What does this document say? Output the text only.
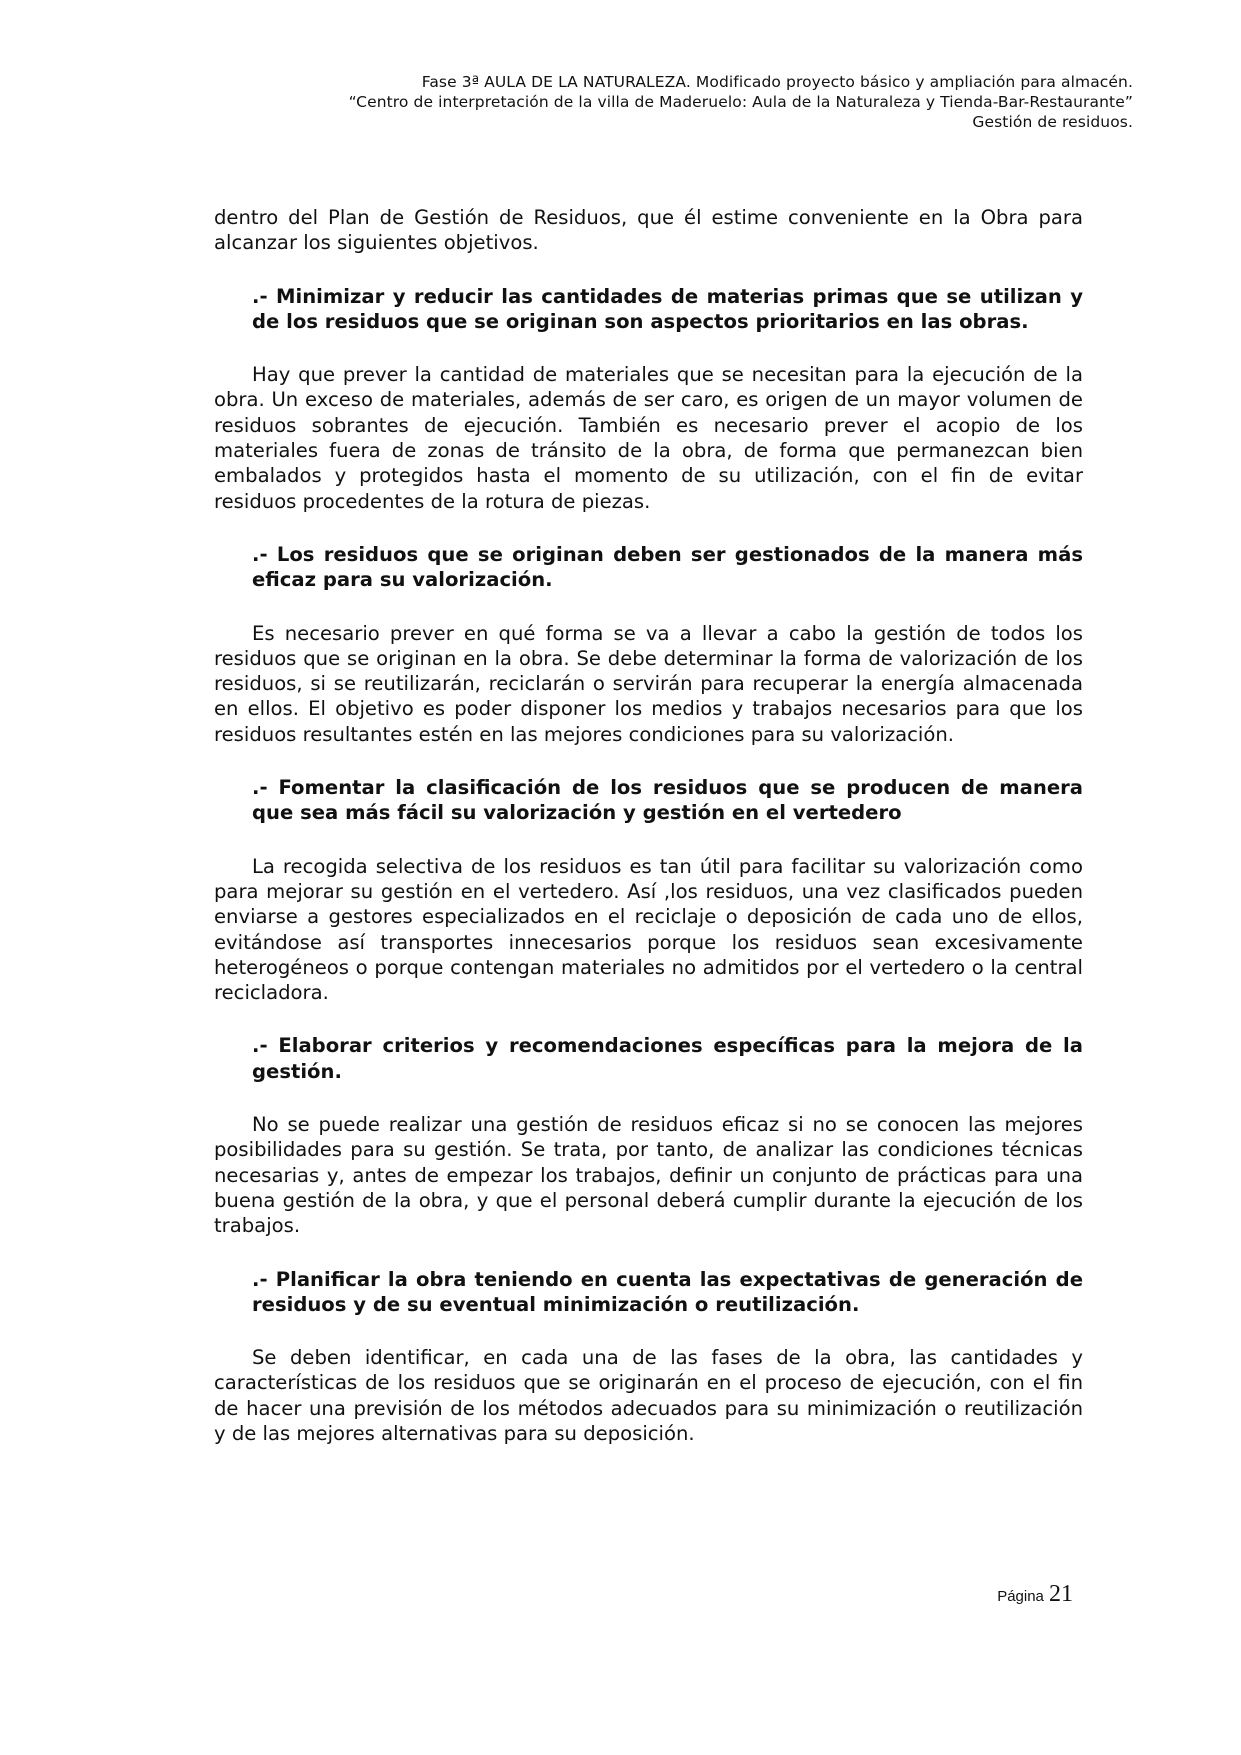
Fase 3ª AULA DE LA NATURALEZA. Modificado proyecto básico y ampliación para almacén.
“Centro de interpretación de la villa de Maderuelo: Aula de la Naturaleza y Tienda-Bar-Restaurante”
Gestión de residuos.

dentro del Plan de Gestión de Residuos, que él estime conveniente en la Obra para alcanzar los siguientes objetivos.

.- Minimizar y reducir las cantidades de materias primas que se utilizan y de los residuos que se originan son aspectos prioritarios en las obras.

Hay que prever la cantidad de materiales que se necesitan para la ejecución de la obra. Un exceso de materiales, además de ser caro, es origen de un mayor volumen de residuos sobrantes de ejecución. También es necesario prever el acopio de los materiales fuera de zonas de tránsito de la obra, de forma que permanezcan bien embalados y protegidos hasta el momento de su utilización, con el fin de evitar residuos procedentes de la rotura de piezas.

.- Los residuos que se originan deben ser gestionados de la manera más eficaz para su valorización.

Es necesario prever en qué forma se va a llevar a cabo la gestión de todos los residuos que se originan en la obra. Se debe determinar la forma de valorización de los residuos, si se reutilizarán, reciclarán o servirán para recuperar la energía almacenada en ellos. El objetivo es poder disponer los medios y trabajos necesarios para que los residuos resultantes estén en las mejores condiciones para su valorización.

.- Fomentar la clasificación de los residuos que se producen de manera que sea más fácil su valorización y gestión en el vertedero

La recogida selectiva de los residuos es tan útil para facilitar su valorización como para mejorar su gestión en el vertedero. Así ,los residuos, una vez clasificados pueden enviarse a gestores especializados en el reciclaje o deposición de cada uno de ellos, evitándose así transportes innecesarios porque los residuos sean excesivamente heterogéneos o porque contengan materiales no admitidos por el vertedero o la central recicladora.

.- Elaborar criterios y recomendaciones específicas para la mejora de la gestión.

No se puede realizar una gestión de residuos eficaz si no se conocen las mejores posibilidades para su gestión. Se trata, por tanto, de analizar las condiciones técnicas necesarias y, antes de empezar los trabajos, definir un conjunto de prácticas para una buena gestión de la obra, y que el personal deberá cumplir durante la ejecución de los trabajos.

.- Planificar la obra teniendo en cuenta las expectativas de generación de residuos y de su eventual minimización o reutilización.

Se deben identificar, en cada una de las fases de la obra, las cantidades y características de los residuos que se originarán en el proceso de ejecución, con el fin de hacer una previsión de los métodos adecuados para su minimización o reutilización y de las mejores alternativas para su deposición.

Página 21
